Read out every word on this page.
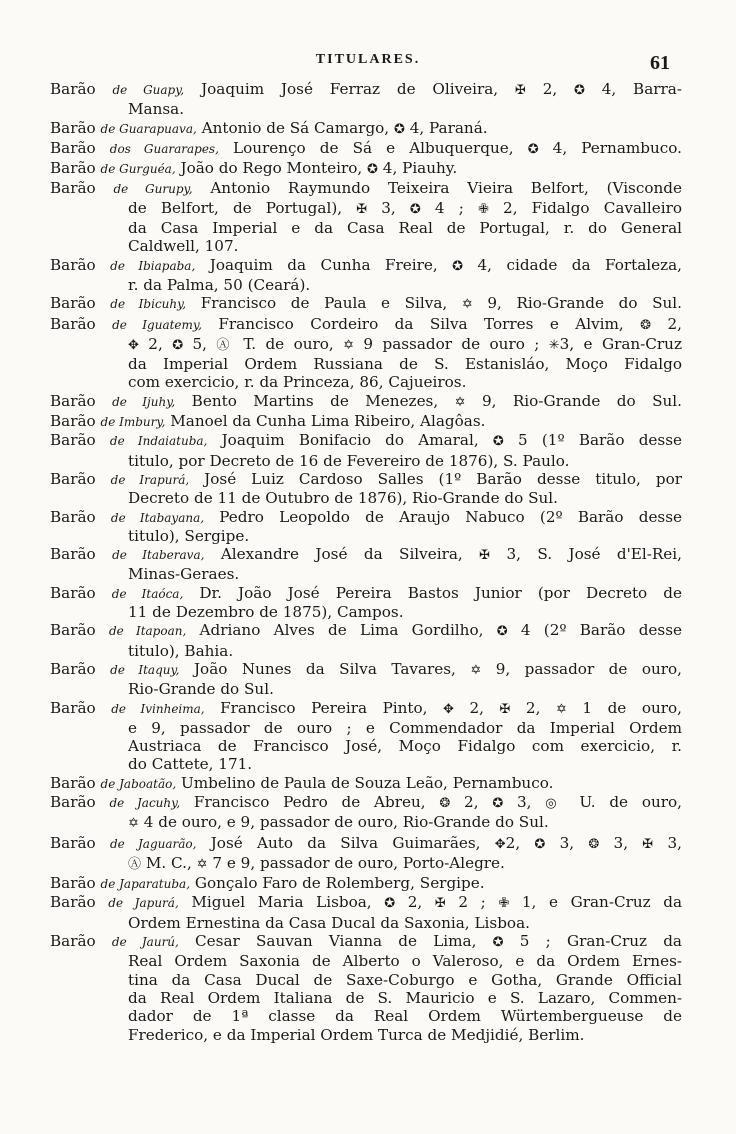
TITULARES.	61
Barão de Guapy, Joaquim José Ferraz de Oliveira, ✠ 2, ✪ 4, Barra-
Mansa.
Barão de Guarapuava, Antonio de Sá Camargo, ✪ 4, Paraná.
Barão dos Guararapes, Lourenço de Sá e Albuquerque, ✪ 4, Pernambuco.
Barão de Gurguéa, João do Rego Monteiro, ✪ 4, Piauhy.
Barão de Gurupy, Antonio Raymundo Teixeira Vieira Belfort, (Visconde
de Belfort, de Portugal), ✠ 3, ✪ 4 ; ✙ 2, Fidalgo Cavalleiro
da Casa Imperial e da Casa Real de Portugal, r. do General
Caldwell, 107.
Barão de Ibiapaba, Joaquim da Cunha Freire, ✪ 4, cidade da Fortaleza,
r. da Palma, 50 (Ceará).
Barão de Ibicuhy, Francisco de Paula e Silva, ✡ 9, Rio-Grande do Sul.
Barão de Iguatemy, Francisco Cordeiro da Silva Torres e Alvim, ❂ 2,
✥ 2, ✪ 5, Ⓐ T. de ouro, ✡ 9 passador de ouro ; ✳3, e Gran-Cruz
da Imperial Ordem Russiana de S. Estanisláo, Moço Fidalgo
com exercicio, r. da Princeza, 86, Cajueiros.
Barão de Ijuhy, Bento Martins de Menezes, ✡ 9, Rio-Grande do Sul.
Barão de Imbury, Manoel da Cunha Lima Ribeiro, Alagôas.
Barão de Indaiatuba, Joaquim Bonifacio do Amaral, ✪ 5 (1º Barão desse
titulo, por Decreto de 16 de Fevereiro de 1876), S. Paulo.
Barão de Irapurá, José Luiz Cardoso Salles (1º Barão desse titulo, por
Decreto de 11 de Outubro de 1876), Rio-Grande do Sul.
Barão de Itabayana, Pedro Leopoldo de Araujo Nabuco (2º Barão desse
titulo), Sergipe.
Barão de Itaberava, Alexandre José da Silveira, ✠ 3, S. José d'El-Rei,
Minas-Geraes.
Barão de Itaóca, Dr. João José Pereira Bastos Junior (por Decreto de
11 de Dezembro de 1875), Campos.
Barão de Itapoan, Adriano Alves de Lima Gordilho, ✪ 4 (2º Barão desse
titulo), Bahia.
Barão de Itaquy, João Nunes da Silva Tavares, ✡ 9, passador de ouro,
Rio-Grande do Sul.
Barão de Ivinheima, Francisco Pereira Pinto, ✥ 2, ✠ 2, ✡ 1 de ouro,
e 9, passador de ouro ; e Commendador da Imperial Ordem
Austriaca de Francisco José, Moço Fidalgo com exercicio, r.
do Cattete, 171.
Barão de Jaboatão, Umbelino de Paula de Souza Leão, Pernambuco.
Barão de Jacuhy, Francisco Pedro de Abreu, ❂ 2, ✪ 3, ◎ U. de ouro,
✡ 4 de ouro, e 9, passador de ouro, Rio-Grande do Sul.
Barão de Jaguarão, José Auto da Silva Guimarães, ✥2, ✪ 3, ❂ 3, ✠ 3,
Ⓐ M. C., ✡ 7 e 9, passador de ouro, Porto-Alegre.
Barão de Japaratuba, Gonçalo Faro de Rolemberg, Sergipe.
Barão de Japurá, Miguel Maria Lisboa, ✪ 2, ✠ 2 ; ✙ 1, e Gran-Cruz da
Ordem Ernestina da Casa Ducal da Saxonia, Lisboa.
Barão de Jaurú, Cesar Sauvan Vianna de Lima, ✪ 5 ; Gran-Cruz da
Real Ordem Saxonia de Alberto o Valeroso, e da Ordem Ernes-
tina da Casa Ducal de Saxe-Coburgo e Gotha, Grande Official
da Real Ordem Italiana de S. Mauricio e S. Lazaro, Commen-
dador de 1ª classe da Real Ordem Würtembergueuse de
Frederico, e da Imperial Ordem Turca de Medjidié, Berlim.
